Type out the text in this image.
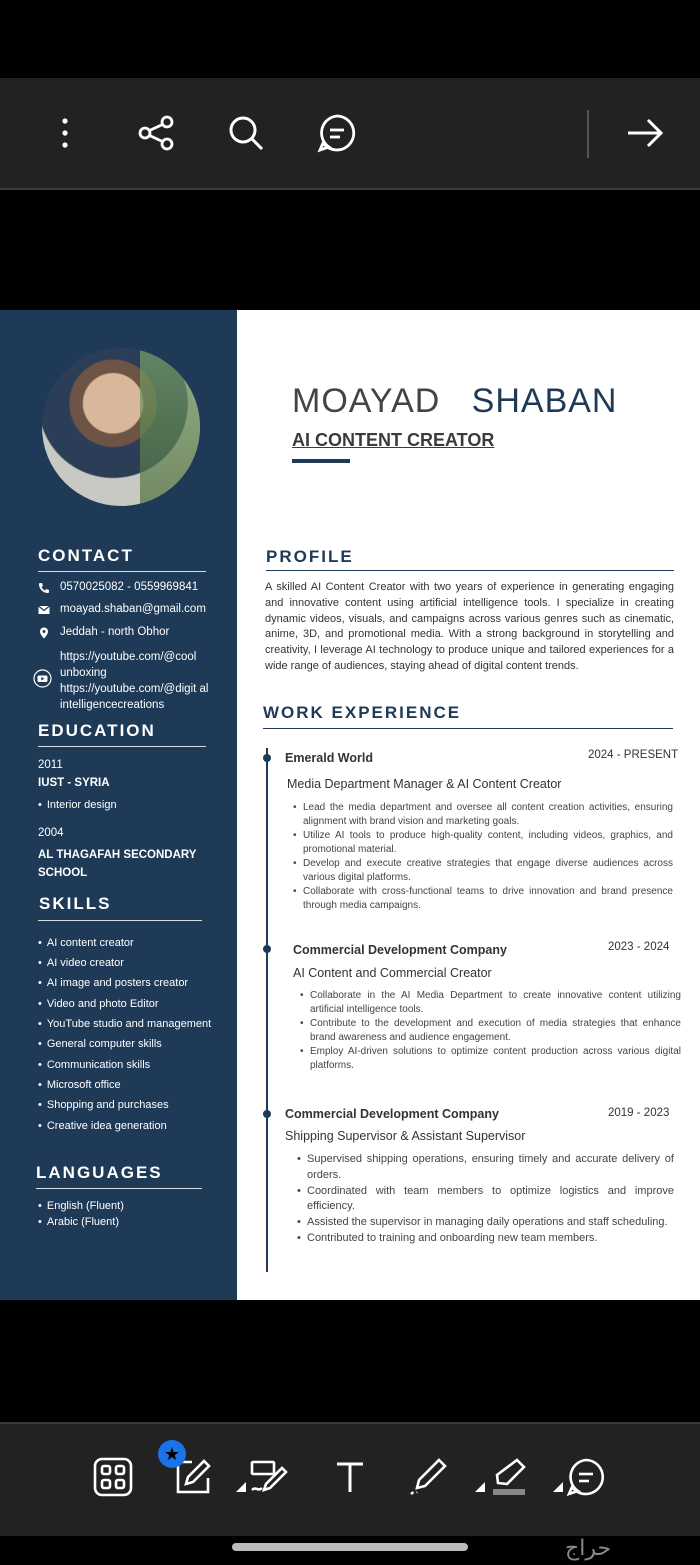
CONTACT
0570025082 - 0559969841
moayad.shaban@gmail.com
Jeddah - north Obhor
https://youtube.com/@cool unboxing
https://youtube.com/@digit alintelligencecreations
EDUCATION
2011
IUST - SYRIA
• Interior design
2004
AL THAGAFAH SECONDARY SCHOOL
SKILLS
• AI content creator
• AI video creator
• AI image and posters creator
• Video and photo Editor
• YouTube studio and management
• General computer skills
• Communication skills
• Microsoft office
• Shopping and purchases
• Creative idea generation
LANGUAGES
• English (Fluent)
• Arabic (Fluent)
MOAYAD SHABAN
AI CONTENT CREATOR
PROFILE
A skilled AI Content Creator with two years of experience in generating engaging and innovative content using artificial intelligence tools. I specialize in creating dynamic videos, visuals, and campaigns across various genres such as cinematic, anime, 3D, and promotional media. With a strong background in storytelling and creativity, I leverage AI technology to produce unique and tailored experiences for a wide range of audiences, staying ahead of digital content trends.
WORK EXPERIENCE
Emerald World	2024 - PRESENT
Media Department Manager & AI Content Creator
• Lead the media department and oversee all content creation activities, ensuring alignment with brand vision and marketing goals.
• Utilize AI tools to produce high-quality content, including videos, graphics, and promotional material.
• Develop and execute creative strategies that engage diverse audiences across various digital platforms.
• Collaborate with cross-functional teams to drive innovation and brand presence through media campaigns.
Commercial Development Company	2023 - 2024
AI Content and Commercial Creator
• Collaborate in the AI Media Department to create innovative content utilizing artificial intelligence tools.
• Contribute to the development and execution of media strategies that enhance brand awareness and audience engagement.
• Employ AI-driven solutions to optimize content production across various digital platforms.
Commercial Development Company	2019 - 2023
Shipping Supervisor & Assistant Supervisor
• Supervised shipping operations, ensuring timely and accurate delivery of orders.
• Coordinated with team members to optimize logistics and improve efficiency.
• Assisted the supervisor in managing daily operations and staff scheduling.
• Contributed to training and onboarding new team members.
★
حراج
